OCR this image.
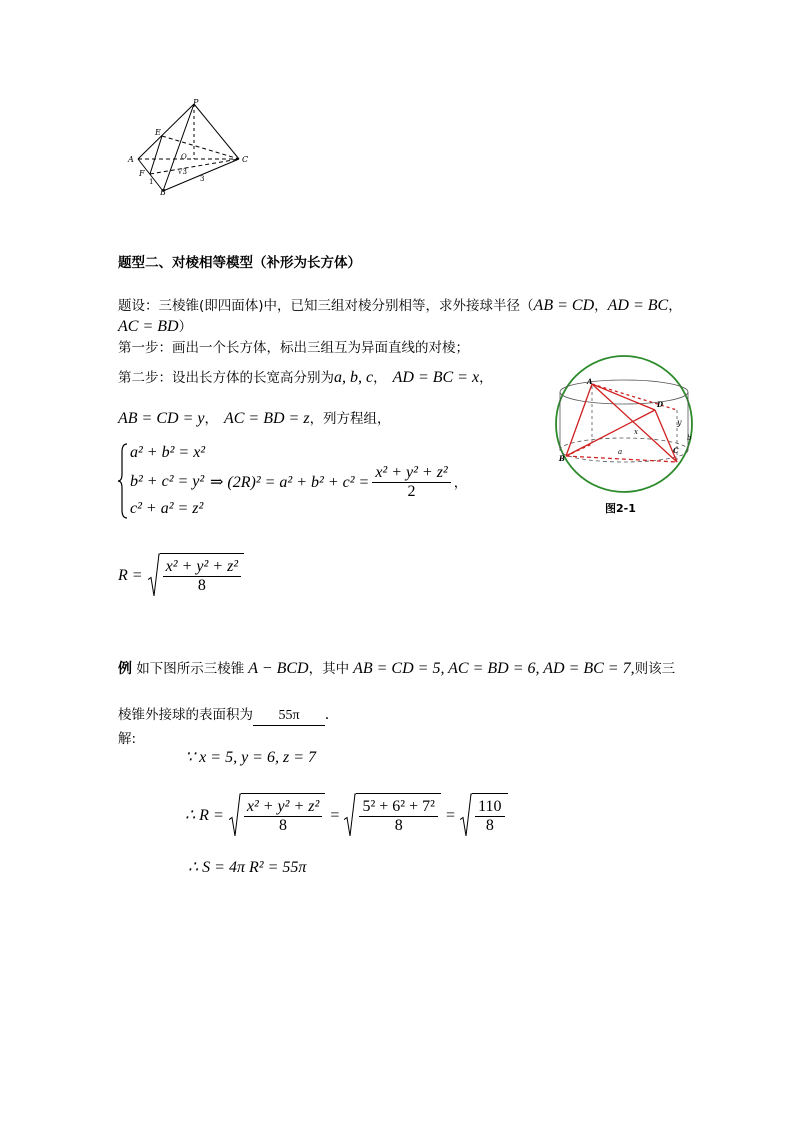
P
E
A
F
B
C
O
1
√3
3
题型二、对棱相等模型（补形为长方体）
题设：三棱锥(即四面体)中，已知三组对棱分别相等，求外接球半径（AB = CD，AD = BC，
AC = BD）
第一步：画出一个长方体，标出三组互为异面直线的对棱；
第二步：设出长方体的长宽高分别为a, b, c， AD = BC = x，
AB = CD = y， AC = BD = z，列方程组，
a² + b² = x²
b² + c² = y²
c² + a² = z²
⇒ $(2R)^2 = a^2 + b^2 + c^2 = \frac{\text{x² + y² + z²}}{2}$ ，
A
D
B
C
y
x
a
b
图2-1
$R = \frac{\text{x² + y² + z²}}{8}$
例 如下图所示三棱锥 A − BCD，其中 AB = CD = 5, AC = BD = 6, AD = BC = 7,则该三
棱锥外接球的表面积为 55π .
解:
∵ x = 5, y = 6, z = 7
∴ $R = \frac{\text{x² + y² + z²}}{8} = \frac{\text{5² + 6² + 7²}}{8} = \frac{110}{8}$
∴ S = 4π R² = 55π
